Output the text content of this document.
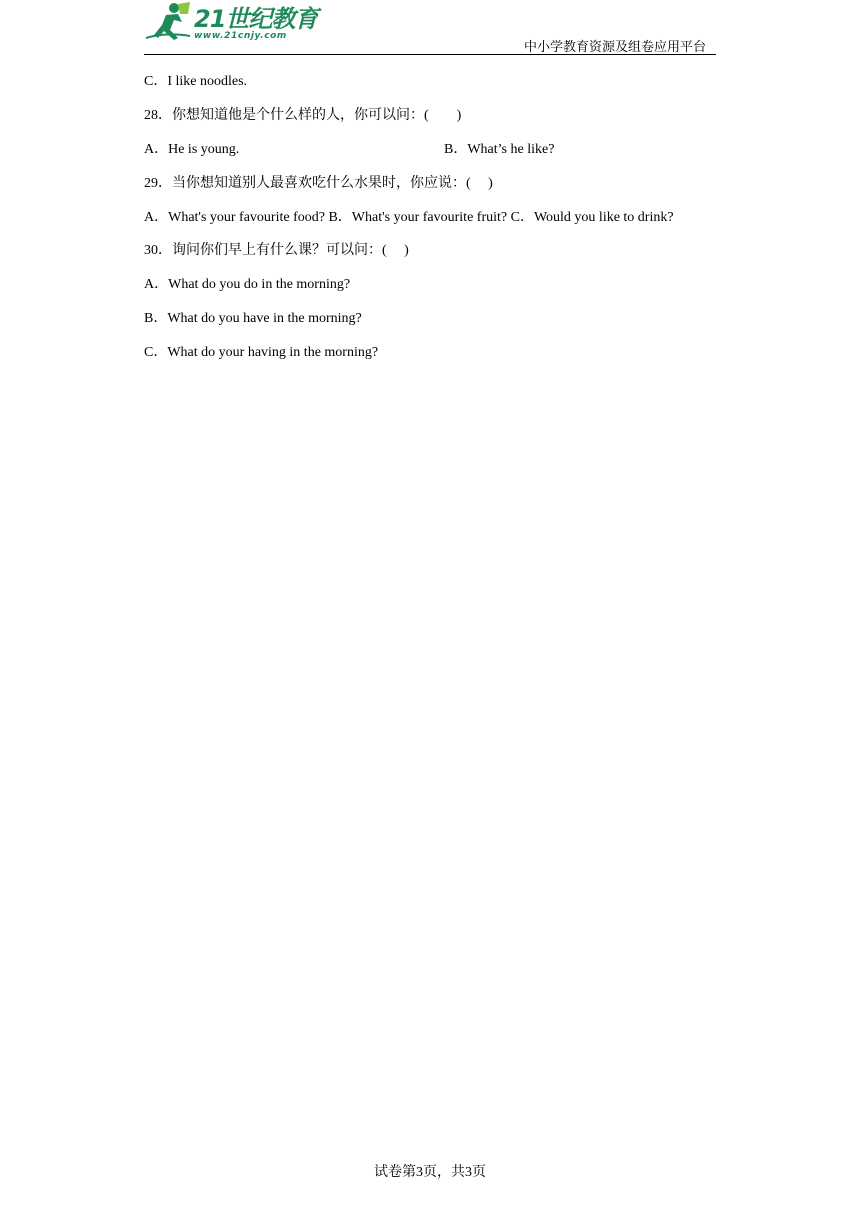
21世纪教育
www.21cnjy.com
中小学教育资源及组卷应用平台
C．I like noodles.
28．你想知道他是个什么样的人，你可以问：(　　)
A．He is young.	B．What’s he like?
29．当你想知道别人最喜欢吃什么水果时，你应说：(　 )
A．What's your favourite food? B．What's your favourite fruit? C．Would you like to drink?
30．询问你们早上有什么课？可以问：(　 )
A．What do you do in the morning?
B．What do you have in the morning?
C．What do your having in the morning?
试卷第3页，共3页
